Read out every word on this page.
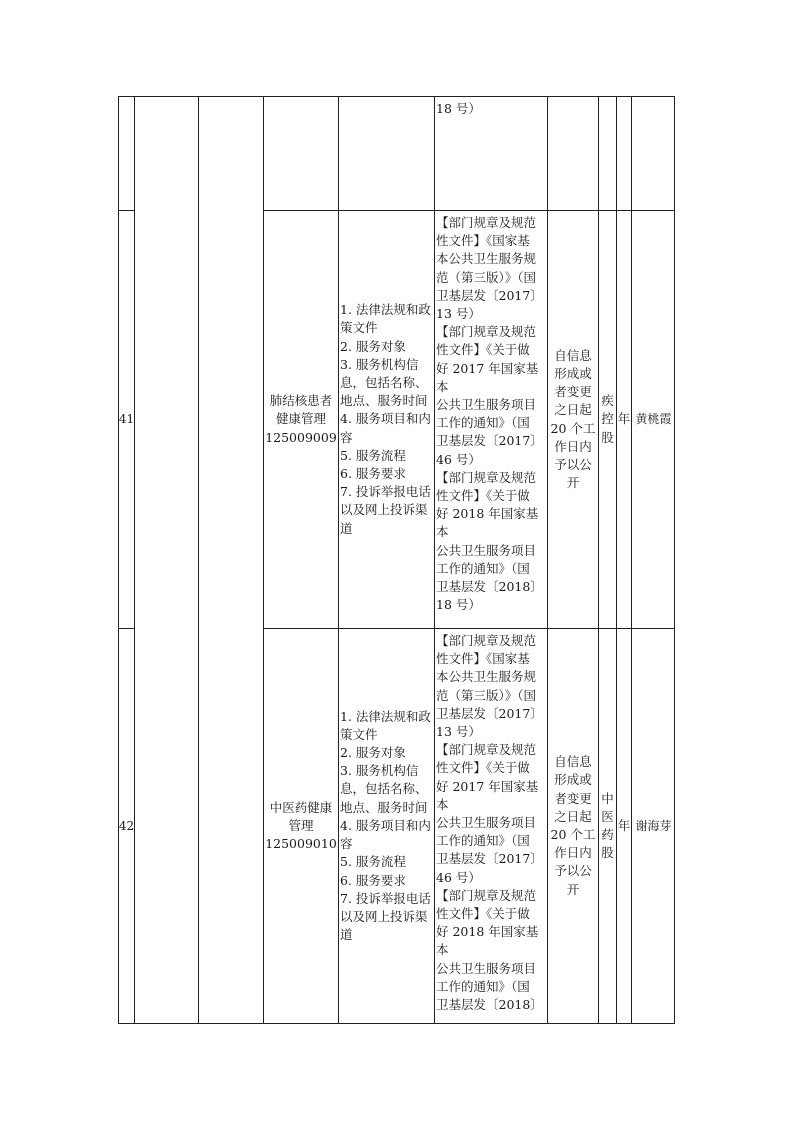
18 号）
41
肺结核患者
健康管理
125009009
1. 法律法规和政
策文件
2. 服务对象
3. 服务机构信
息，包括名称、
地点、服务时间
4. 服务项目和内
容
5. 服务流程
6. 服务要求
7. 投诉举报电话
以及网上投诉渠
道
【部门规章及规范
性文件】《国家基
本公共卫生服务规
范（第三版）》（国
卫基层发〔2017〕
13 号）
【部门规章及规范
性文件】《关于做
好 2017 年国家基本
公共卫生服务项目
工作的通知》（国
卫基层发〔2017〕
46 号）
【部门规章及规范
性文件】《关于做
好 2018 年国家基本
公共卫生服务项目
工作的通知》（国
卫基层发〔2018〕
18 号）
自信息
形成或
者变更
之日起
20 个工
作日内
予以公
开
疾
控
股
年 黄桃霞
42
中医药健康
管理
125009010
1. 法律法规和政
策文件
2. 服务对象
3. 服务机构信
息，包括名称、
地点、服务时间
4. 服务项目和内
容
5. 服务流程
6. 服务要求
7. 投诉举报电话
以及网上投诉渠
道
【部门规章及规范
性文件】《国家基
本公共卫生服务规
范（第三版）》（国
卫基层发〔2017〕
13 号）
【部门规章及规范
性文件】《关于做
好 2017 年国家基本
公共卫生服务项目
工作的通知》（国
卫基层发〔2017〕
46 号）
【部门规章及规范
性文件】《关于做
好 2018 年国家基本
公共卫生服务项目
工作的通知》（国
卫基层发〔2018〕
自信息
形成或
者变更
之日起
20 个工
作日内
予以公
开
中
医
药
股
年 谢海芽
